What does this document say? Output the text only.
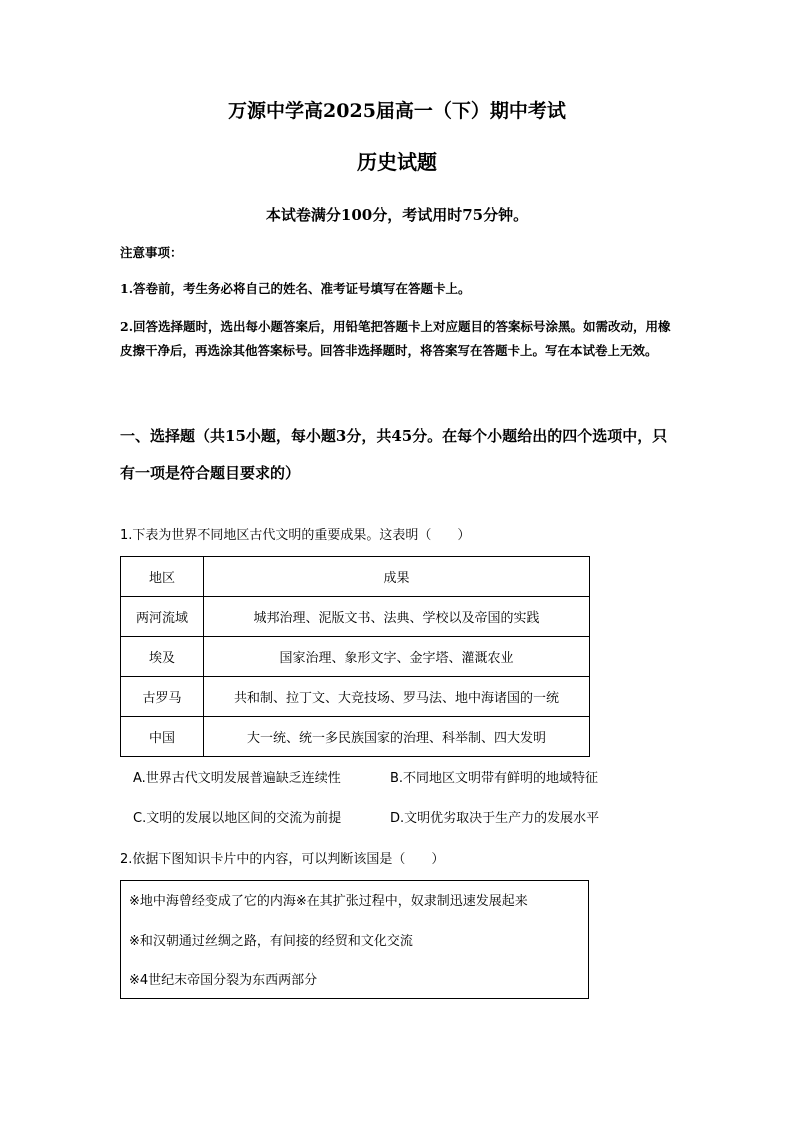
万源中学高2025届高一（下）期中考试
历史试题
本试卷满分100分，考试用时75分钟。
注意事项：
1.答卷前，考生务必将自己的姓名、准考证号填写在答题卡上。
2.回答选择题时，选出每小题答案后，用铅笔把答题卡上对应题目的答案标号涂黑。如需改动，用橡皮擦干净后，再选涂其他答案标号。回答非选择题时，将答案写在答题卡上。写在本试卷上无效。
一、选择题（共15小题，每小题3分，共45分。在每个小题给出的四个选项中，只有一项是符合题目要求的）
1.下表为世界不同地区古代文明的重要成果。这表明（　　）
地区	成果
两河流域	城邦治理、泥版文书、法典、学校以及帝国的实践
埃及	国家治理、象形文字、金字塔、灌溉农业
古罗马	共和制、拉丁文、大竞技场、罗马法、地中海诸国的一统
中国	大一统、统一多民族国家的治理、科举制、四大发明
A.世界古代文明发展普遍缺乏连续性	B.不同地区文明带有鲜明的地域特征
C.文明的发展以地区间的交流为前提	D.文明优劣取决于生产力的发展水平
2.依据下图知识卡片中的内容，可以判断该国是（　　）
※地中海曾经变成了它的内海※在其扩张过程中，奴隶制迅速发展起来
※和汉朝通过丝绸之路，有间接的经贸和文化交流
※4世纪末帝国分裂为东西两部分
